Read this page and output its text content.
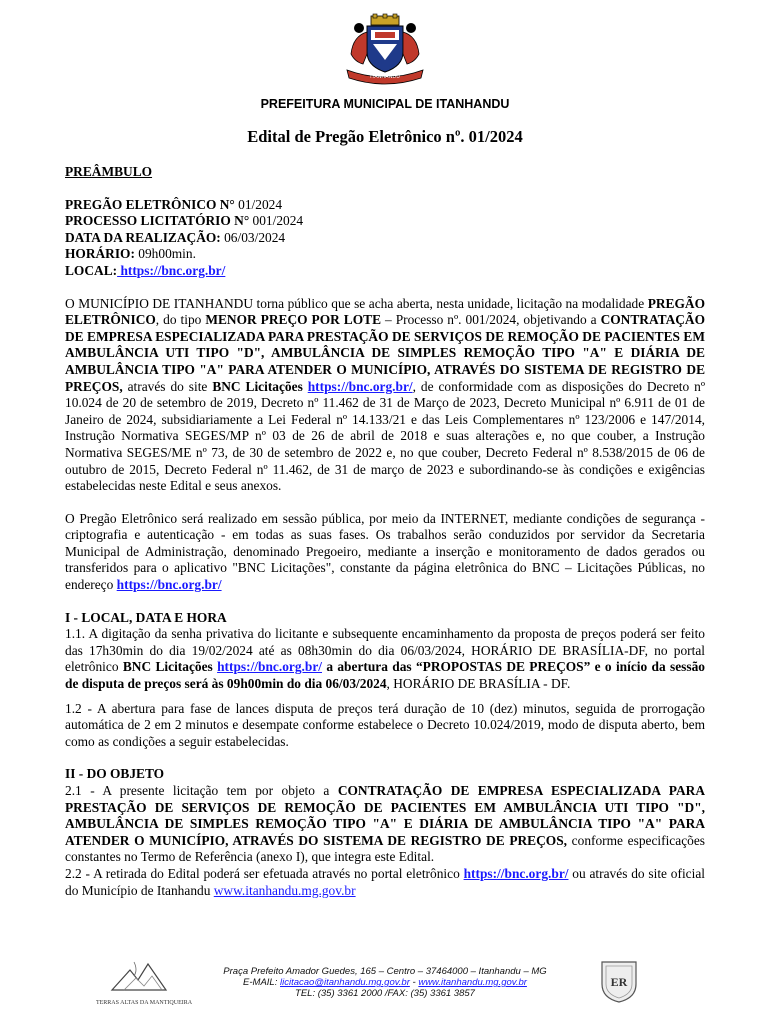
ITANHANDU
PREFEITURA MUNICIPAL DE ITANHANDU
Edital de Pregão Eletrônico nº. 01/2024

PREÂMBULO

PREGÃO ELETRÔNICO N° 01/2024

PROCESSO LICITATÓRIO N° 001/2024

DATA DA REALIZAÇÃO: 06/03/2024

HORÁRIO: 09h00min.

LOCAL: https://bnc.org.br/

O MUNICÍPIO DE ITANHANDU torna público que se acha aberta, nesta unidade, licitação na modalidade PREGÃO ELETRÔNICO, do tipo MENOR PREÇO POR LOTE – Processo nº. 001/2024, objetivando a CONTRATAÇÃO DE EMPRESA ESPECIALIZADA PARA PRESTAÇÃO DE SERVIÇOS DE REMOÇÃO DE PACIENTES EM AMBULÂNCIA UTI TIPO "D", AMBULÂNCIA DE SIMPLES REMOÇÃO TIPO "A" E DIÁRIA DE AMBULÂNCIA TIPO "A" PARA ATENDER O MUNICÍPIO, ATRAVÉS DO SISTEMA DE REGISTRO DE PREÇOS, através do site BNC Licitações https://bnc.org.br/, de conformidade com as disposições do Decreto nº 10.024 de 20 de setembro de 2019, Decreto nº 11.462 de 31 de Março de 2023, Decreto Municipal nº 6.911 de 01 de Janeiro de 2024, subsidiariamente a Lei Federal nº 14.133/21 e das Leis Complementares nº 123/2006 e 147/2014, Instrução Normativa SEGES/MP nº 03 de 26 de abril de 2018 e suas alterações e, no que couber, a Instrução Normativa SEGES/ME nº 73, de 30 de setembro de 2022 e, no que couber, Decreto Federal nº 8.538/2015 de 06 de outubro de 2015, Decreto Federal nº 11.462, de 31 de março de 2023 e subordinando-se às condições e exigências estabelecidas neste Edital e seus anexos.

O Pregão Eletrônico será realizado em sessão pública, por meio da INTERNET, mediante condições de segurança - criptografia e autenticação - em todas as suas fases. Os trabalhos serão conduzidos por servidor da Secretaria Municipal de Administração, denominado Pregoeiro, mediante a inserção e monitoramento de dados gerados ou transferidos para o aplicativo "BNC Licitações", constante da página eletrônica do BNC – Licitações Públicas, no endereço https://bnc.org.br/

I - LOCAL, DATA E HORA

1.1. A digitação da senha privativa do licitante e subsequente encaminhamento da proposta de preços poderá ser feito das 17h30min do dia 19/02/2024 até as 08h30min do dia 06/03/2024, HORÁRIO DE BRASÍLIA-DF, no portal eletrônico BNC Licitações https://bnc.org.br/ a abertura das “PROPOSTAS DE PREÇOS” e o início da sessão de disputa de preços será às 09h00min do dia 06/03/2024, HORÁRIO DE BRASÍLIA - DF.

1.2 - A abertura para fase de lances disputa de preços terá duração de 10 (dez) minutos, seguida de prorrogação automática de 2 em 2 minutos e desempate conforme estabelece o Decreto 10.024/2019, modo de disputa aberto, bem como as condições a seguir estabelecidas.

II - DO OBJETO

2.1 - A presente licitação tem por objeto a CONTRATAÇÃO DE EMPRESA ESPECIALIZADA PARA PRESTAÇÃO DE SERVIÇOS DE REMOÇÃO DE PACIENTES EM AMBULÂNCIA UTI TIPO "D", AMBULÂNCIA DE SIMPLES REMOÇÃO TIPO "A" E DIÁRIA DE AMBULÂNCIA TIPO "A" PARA ATENDER O MUNICÍPIO, ATRAVÉS DO SISTEMA DE REGISTRO DE PREÇOS, conforme especificações constantes no Termo de Referência (anexo I), que integra este Edital.

2.2 - A retirada do Edital poderá ser efetuada através no portal eletrônico https://bnc.org.br/ ou através do site oficial do Município de Itanhandu www.itanhandu.mg.gov.br

TERRAS ALTAS DA MANTIQUEIRA
Praça Prefeito Amador Guedes, 165 – Centro – 37464000 – Itanhandu – MG
E-MAIL: licitacao@itanhandu.mg.gov.br - www.itanhandu.mg.gov.br
TEL: (35) 3361 2000 /FAX: (35) 3361 3857
ER
